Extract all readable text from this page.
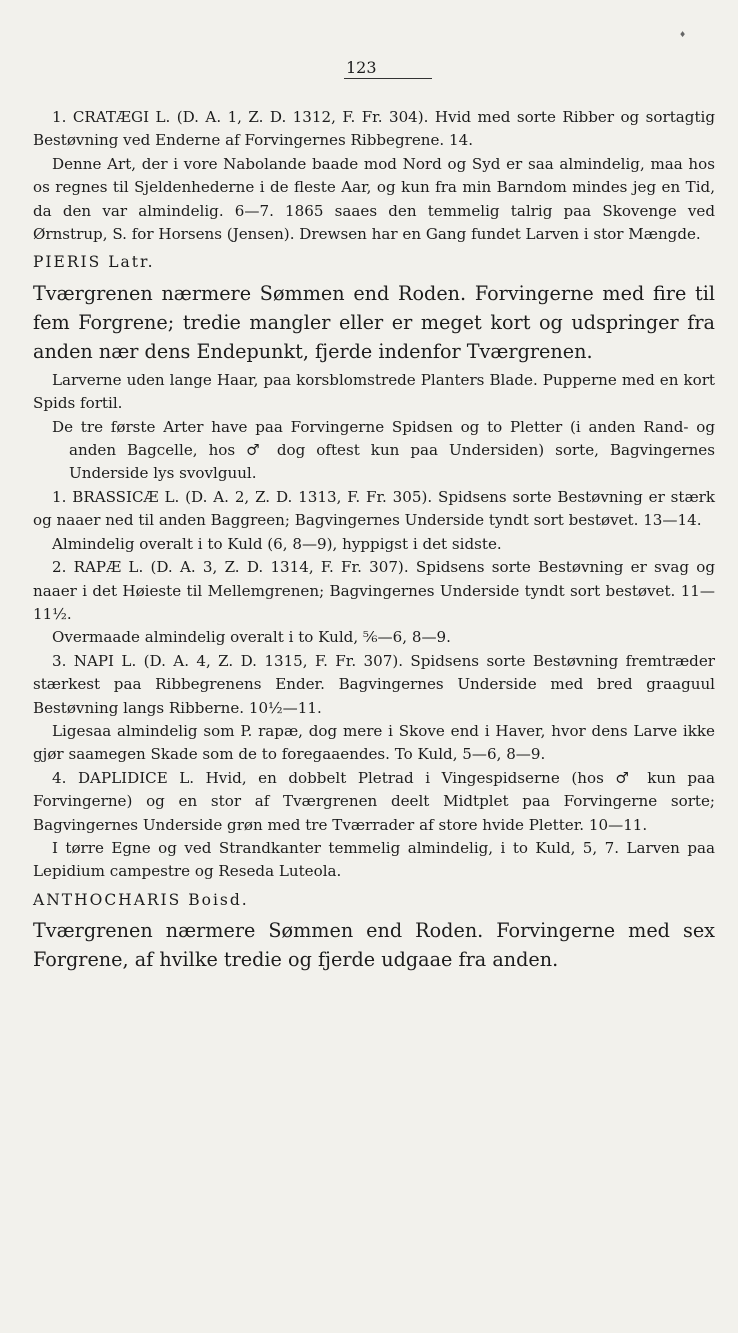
♦
123

1. CRATÆGI L. (D. A. 1, Z. D. 1312, F. Fr. 304). Hvid med sorte Ribber og sortagtig Bestøvning ved Enderne af Forvingernes Ribbegrene. 14.

Denne Art, der i vore Nabolande baade mod Nord og Syd er saa almindelig, maa hos os regnes til Sjeldenhederne i de fleste Aar, og kun fra min Barndom mindes jeg en Tid, da den var almindelig. 6—7. 1865 saaes den temmelig talrig paa Skovenge ved Ørnstrup, S. for Horsens (Jensen). Drewsen har en Gang fundet Larven i stor Mængde.

PIERIS Latr.

Tværgrenen nærmere Sømmen end Roden. Forvingerne med fire til fem Forgrene; tredie mangler eller er meget kort og udspringer fra anden nær dens Endepunkt, fjerde indenfor Tværgrenen.

Larverne uden lange Haar, paa korsblomstrede Planters Blade. Pupperne med en kort Spids fortil.

De tre første Arter have paa Forvingerne Spidsen og to Pletter (i anden Rand- og anden Bagcelle, hos ♂ dog oftest kun paa Undersiden) sorte, Bagvingernes Underside lys svovlguul.

1. BRASSICÆ L. (D. A. 2, Z. D. 1313, F. Fr. 305). Spidsens sorte Bestøvning er stærk og naaer ned til anden Baggreen; Bagvingernes Underside tyndt sort bestøvet. 13—14.

Almindelig overalt i to Kuld (6, 8—9), hyppigst i det sidste.

2. RAPÆ L. (D. A. 3, Z. D. 1314, F. Fr. 307). Spidsens sorte Bestøvning er svag og naaer i det Høieste til Mellemgrenen; Bagvingernes Underside tyndt sort bestøvet. 11—11½.

Overmaade almindelig overalt i to Kuld, ⅚—6, 8—9.

3. NAPI L. (D. A. 4, Z. D. 1315, F. Fr. 307). Spidsens sorte Bestøvning fremtræder stærkest paa Ribbegrenens Ender. Bagvingernes Underside med bred graaguul Bestøvning langs Ribberne. 10½—11.

Ligesaa almindelig som P. rapæ, dog mere i Skove end i Haver, hvor dens Larve ikke gjør saamegen Skade som de to foregaaendes. To Kuld, 5—6, 8—9.

4. DAPLIDICE L. Hvid, en dobbelt Pletrad i Vingespidserne (hos ♂ kun paa Forvingerne) og en stor af Tværgrenen deelt Midtplet paa Forvingerne sorte; Bagvingernes Underside grøn med tre Tværrader af store hvide Pletter. 10—11.

I tørre Egne og ved Strandkanter temmelig almindelig, i to Kuld, 5, 7. Larven paa Lepidium campestre og Reseda Luteola.

ANTHOCHARIS Boisd.

Tværgrenen nærmere Sømmen end Roden. Forvingerne med sex Forgrene, af hvilke tredie og fjerde udgaae fra anden.
